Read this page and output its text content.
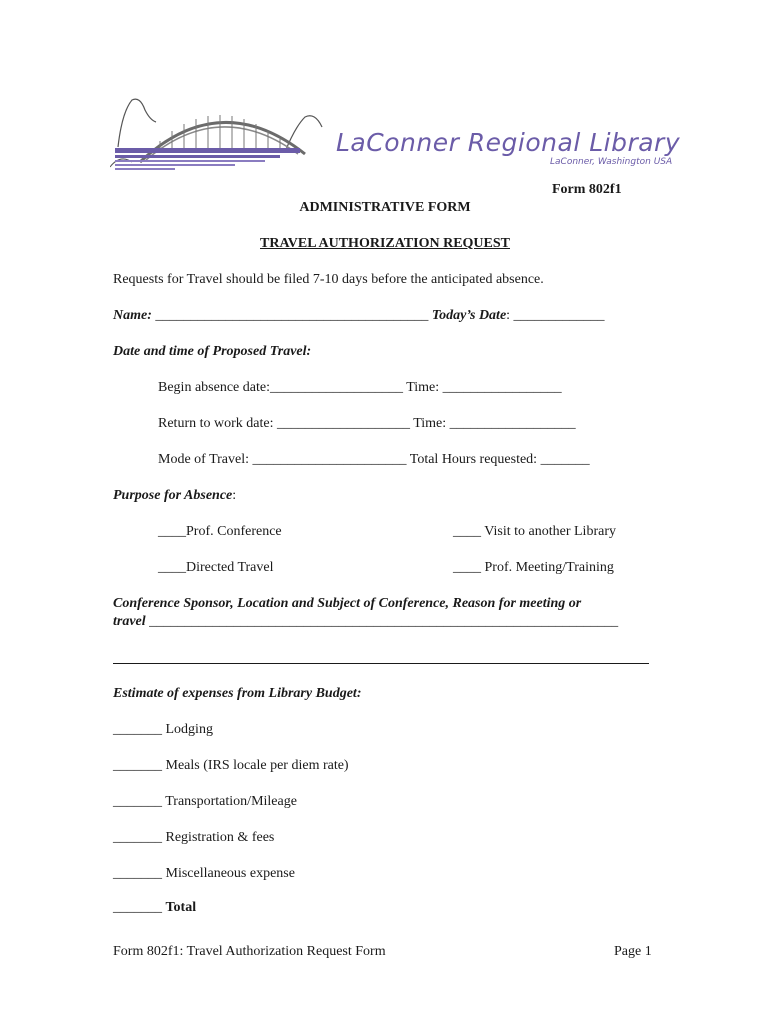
LaConner Regional Library
LaConner, Washington USA
Form 802f1
ADMINISTRATIVE FORM
TRAVEL AUTHORIZATION REQUEST
Requests for Travel should be filed 7-10 days before the anticipated absence.
Name: _______________________________________ Today’s Date: _____________
Date and time of Proposed Travel:
Begin absence date:___________________ Time: _________________
Return to work date: ___________________ Time: __________________
Mode of Travel: ______________________ Total Hours requested: _______
Purpose for Absence:
____Prof. Conference	____ Visit to another Library
____Directed Travel	____ Prof. Meeting/Training
Conference Sponsor, Location and Subject of Conference, Reason for meeting or
travel ___________________________________________________________________
Estimate of expenses from Library Budget:
_______ Lodging
_______ Meals (IRS locale per diem rate)
_______ Transportation/Mileage
_______ Registration & fees
_______ Miscellaneous expense
_______ Total
Form 802f1: Travel Authorization Request Form	Page 1
